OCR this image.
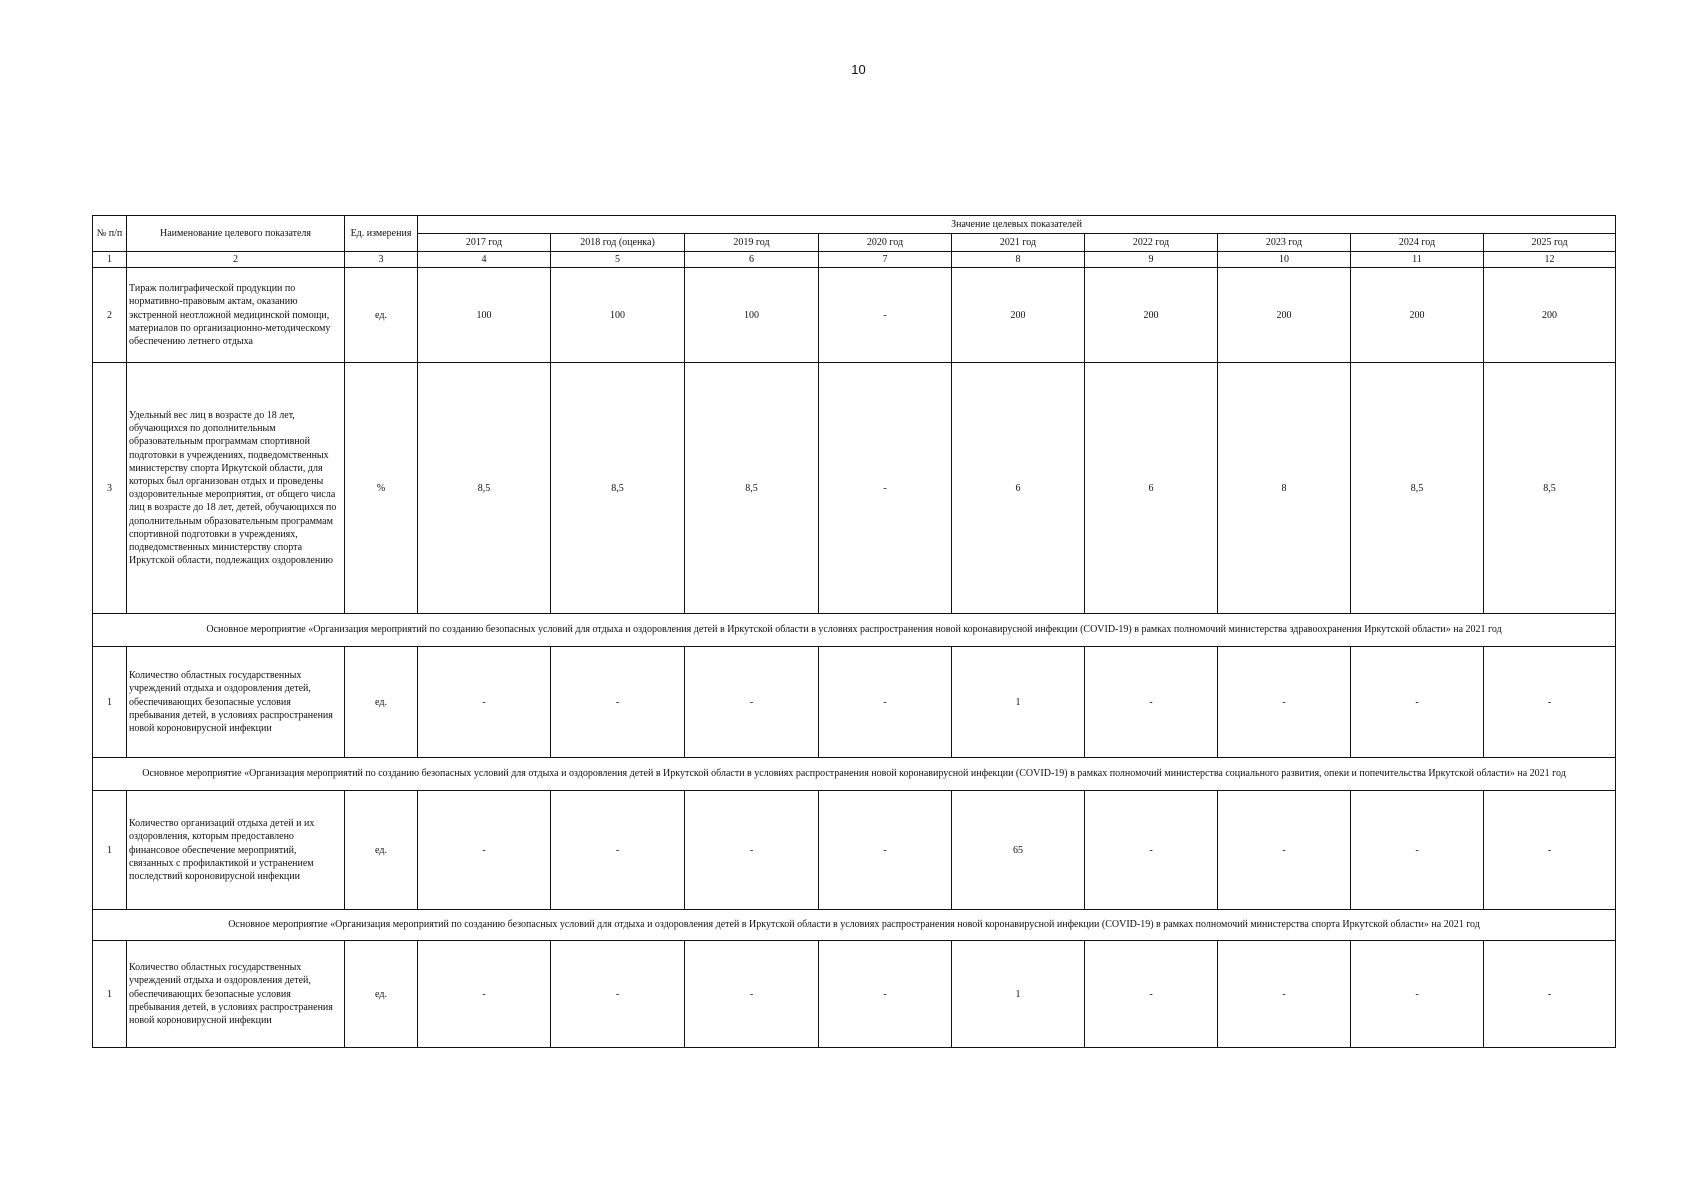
10
№ п/п	Наименование целевого показателя	Ед. измерения	Значение целевых показателей								
			2017 год	2018 год (оценка)	2019 год	2020 год	2021 год	2022 год	2023 год	2024 год	2025 год
1	2	3	4	5	6	7	8	9	10	11	12
2	Тираж полиграфической продукции по нормативно-правовым актам, оказанию экстренной неотложной медицинской помощи, материалов по организационно-методическому обеспечению летнего отдыха	ед.	100	100	100	-	200	200	200	200	200
3	Удельный вес лиц в возрасте до 18 лет, обучающихся по дополнительным образовательным программам спортивной подготовки в учреждениях, подведомственных министерству спорта Иркутской области, для которых был организован отдых и проведены оздоровительные мероприятия, от общего числа лиц в возрасте до 18 лет, детей, обучающихся по дополнительным образовательным программам спортивной подготовки в учреждениях, подведомственных министерству спорта Иркутской области, подлежащих оздоровлению	%	8,5	8,5	8,5	-	6	6	8	8,5	8,5
Основное мероприятие «Организация мероприятий по созданию безопасных условий для отдыха и оздоровления детей в Иркутской области в условиях распространения новой коронавирусной инфекции (COVID-19) в рамках полномочий министерства здравоохранения Иркутской области» на 2021 год											
1	Количество областных государственных учреждений отдыха и оздоровления детей, обеспечивающих безопасные условия пребывания детей, в условиях распространения новой короновирусной инфекции	ед.	-	-	-	-	1	-	-	-	-
Основное мероприятие «Организация мероприятий по созданию безопасных условий для отдыха и оздоровления детей в Иркутской области в условиях распространения новой коронавирусной инфекции (COVID-19) в рамках полномочий министерства социального развития, опеки и попечительства Иркутской области» на 2021 год											
1	Количество организаций отдыха детей и их оздоровления, которым предоставлено финансовое обеспечение мероприятий, связанных с профилактикой и устранением последствий короновирусной инфекции	ед.	-	-	-	-	65	-	-	-	-
Основное мероприятие «Организация мероприятий по созданию безопасных условий для отдыха и оздоровления детей в Иркутской области в условиях распространения новой коронавирусной инфекции (COVID-19) в рамках полномочий министерства спорта Иркутской области» на 2021 год											
1	Количество областных государственных учреждений отдыха и оздоровления детей, обеспечивающих безопасные условия пребывания детей, в условиях распространения новой короновирусной инфекции	ед.	-	-	-	-	1	-	-	-	-
